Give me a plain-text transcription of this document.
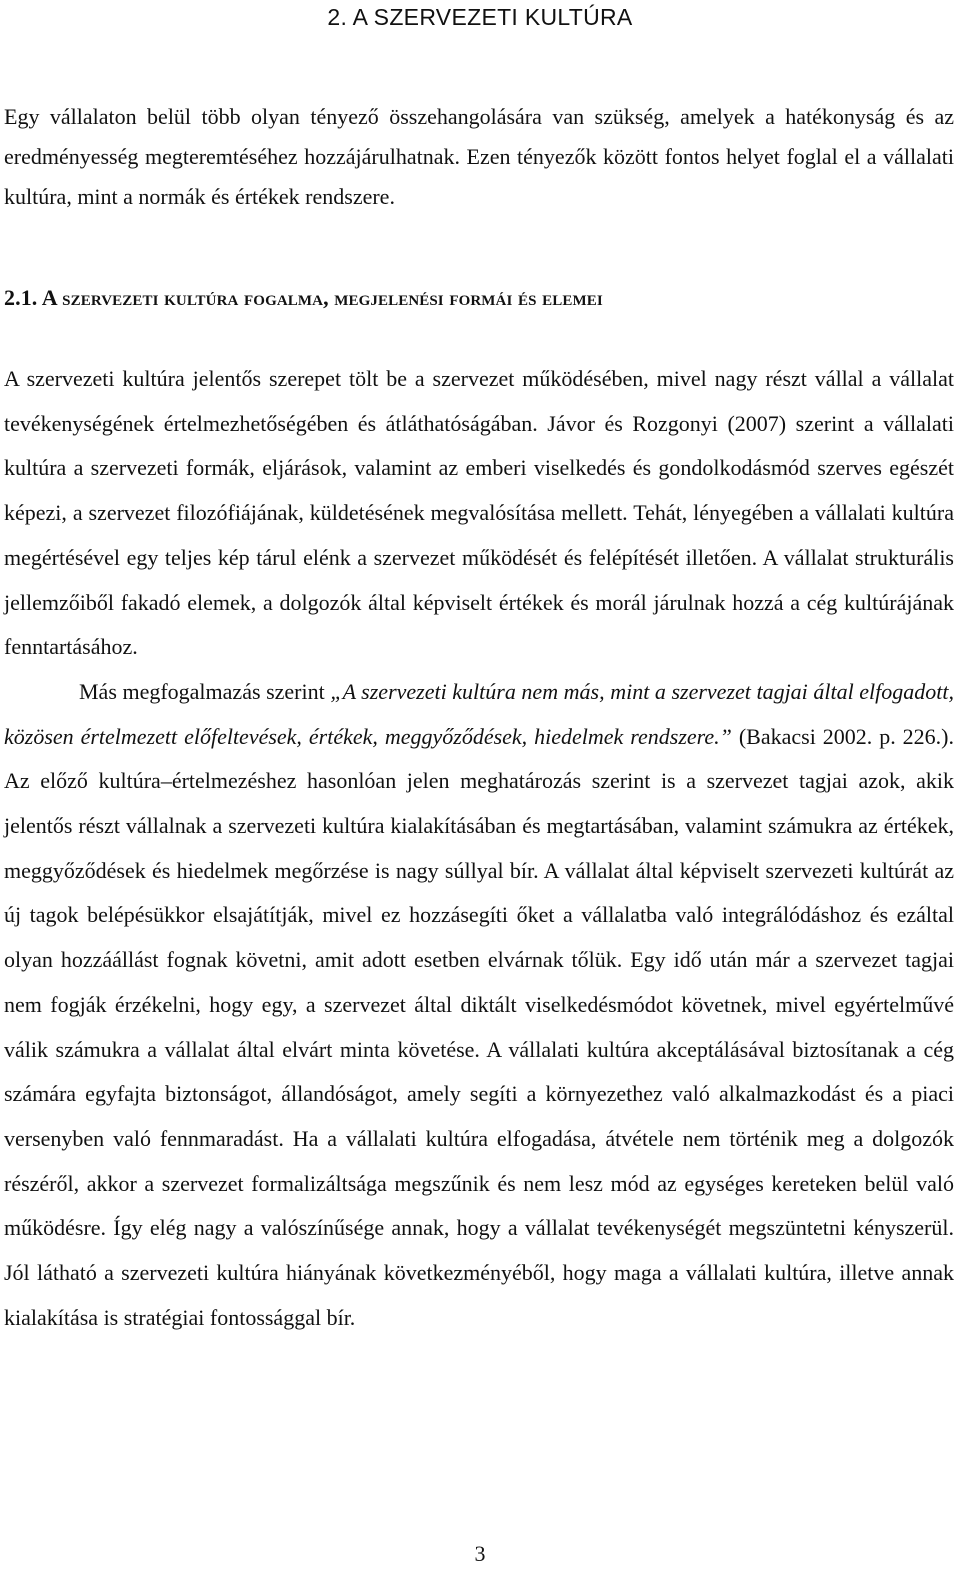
2. A SZERVEZETI KULTÚRA

Egy vállalaton belül több olyan tényező összehangolására van szükség, amelyek a hatékonyság és az eredményesség megteremtéséhez hozzájárulhatnak. Ezen tényezők között fontos helyet foglal el a vállalati kultúra, mint a normák és értékek rendszere.

2.1. A szervezeti kultúra fogalma, megjelenési formái és elemei

A szervezeti kultúra jelentős szerepet tölt be a szervezet működésében, mivel nagy részt vállal a vállalat tevékenységének értelmezhetőségében és átláthatóságában. Jávor és Rozgonyi (2007) szerint a vállalati kultúra a szervezeti formák, eljárások, valamint az emberi viselkedés és gondolkodásmód szerves egészét képezi, a szervezet filozófiájának, küldetésének megvalósítása mellett. Tehát, lényegében a vállalati kultúra megértésével egy teljes kép tárul elénk a szervezet működését és felépítését illetően. A vállalat strukturális jellemzőiből fakadó elemek, a dolgozók által képviselt értékek és morál járulnak hozzá a cég kultúrájának fenntartásához.

Más megfogalmazás szerint „A szervezeti kultúra nem más, mint a szervezet tagjai által elfogadott, közösen értelmezett előfeltevések, értékek, meggyőződések, hiedelmek rendszere.” (Bakacsi 2002. p. 226.). Az előző kultúra–értelmezéshez hasonlóan jelen meghatározás szerint is a szervezet tagjai azok, akik jelentős részt vállalnak a szervezeti kultúra kialakításában és megtartásában, valamint számukra az értékek, meggyőződések és hiedelmek megőrzése is nagy súllyal bír. A vállalat által képviselt szervezeti kultúrát az új tagok belépésükkor elsajátítják, mivel ez hozzásegíti őket a vállalatba való integrálódáshoz és ezáltal olyan hozzáállást fognak követni, amit adott esetben elvárnak tőlük. Egy idő után már a szervezet tagjai nem fogják érzékelni, hogy egy, a szervezet által diktált viselkedésmódot követnek, mivel egyértelművé válik számukra a vállalat által elvárt minta követése. A vállalati kultúra akceptálásával biztosítanak a cég számára egyfajta biztonságot, állandóságot, amely segíti a környezethez való alkalmazkodást és a piaci versenyben való fennmaradást. Ha a vállalati kultúra elfogadása, átvétele nem történik meg a dolgozók részéről, akkor a szervezet formalizáltsága megszűnik és nem lesz mód az egységes kereteken belül való működésre. Így elég nagy a valószínűsége annak, hogy a vállalat tevékenységét megszüntetni kényszerül. Jól látható a szervezeti kultúra hiányának következményéből, hogy maga a vállalati kultúra, illetve annak kialakítása is stratégiai fontossággal bír.

3
